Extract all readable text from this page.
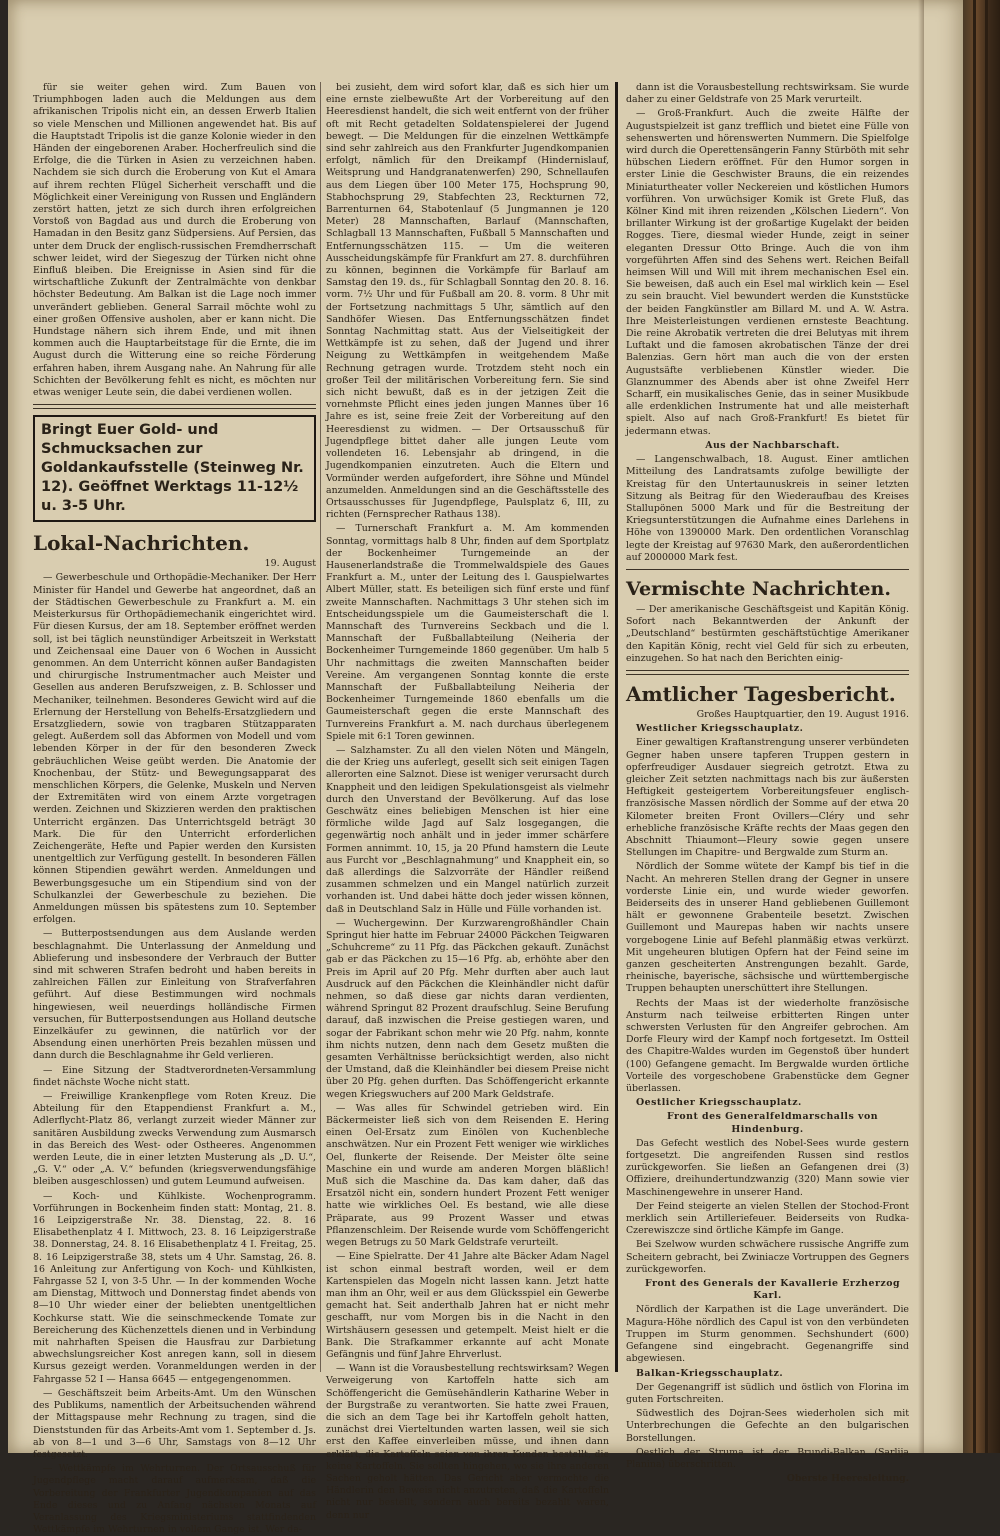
für sie weiter gehen wird. Zum Bauen von Triumphbogen laden auch die Meldungen aus dem afrikanischen Tripolis nicht ein, an dessen Erwerb Italien so viele Menschen und Millionen angewendet hat. Bis auf die Hauptstadt Tripolis ist die ganze Kolonie wieder in den Händen der eingeborenen Araber. Hocherfreulich sind die Erfolge, die die Türken in Asien zu verzeichnen haben. Nachdem sie sich durch die Eroberung von Kut el Amara auf ihrem rechten Flügel Sicherheit verschafft und die Möglichkeit einer Vereinigung von Russen und Engländern zerstört hatten, jetzt ze sich durch ihren erfolgreichen Vorstoß von Bagdad aus und durch die Eroberung von Hamadan in den Besitz ganz Südpersiens. Auf Persien, das unter dem Druck der englisch-russischen Fremdherrschaft schwer leidet, wird der Siegeszug der Türken nicht ohne Einfluß bleiben. Die Ereignisse in Asien sind für die wirtschaftliche Zukunft der Zentralmächte von denkbar höchster Bedeutung. Am Balkan ist die Lage noch immer unverändert geblieben. General Sarrail möchte wohl zu einer großen Offensive ausholen, aber er kann nicht. Die Hundstage nähern sich ihrem Ende, und mit ihnen kommen auch die Hauptarbeitstage für die Ernte, die im August durch die Witterung eine so reiche Förderung erfahren haben, ihrem Ausgang nahe. An Nahrung für alle Schichten der Bevölkerung fehlt es nicht, es möchten nur etwas weniger Leute sein, die dabei verdienen wollen.

Bringt Euer Gold- und Schmucksachen zur Goldankaufsstelle (Steinweg Nr. 12). Geöffnet Werktags 11-12½ u. 3-5 Uhr.
Lokal-Nachrichten.

19. August

— Gewerbeschule und Orthopädie-Mechaniker. Der Herr Minister für Handel und Gewerbe hat angeordnet, daß an der Städtischen Gewerbeschule zu Frankfurt a. M. ein Meisterkursus für Orthopädiemechanik eingerichtet wird. Für diesen Kursus, der am 18. September eröffnet werden soll, ist bei täglich neunstündiger Arbeitszeit in Werkstatt und Zeichensaal eine Dauer von 6 Wochen in Aussicht genommen. An dem Unterricht können außer Bandagisten und chirurgische Instrumentmacher auch Meister und Gesellen aus anderen Berufszweigen, z. B. Schlosser und Mechaniker, teilnehmen. Besonderes Gewicht wird auf die Erlernung der Herstellung von Behelfs-Ersatzgliedern und Ersatzgliedern, sowie von tragbaren Stützapparaten gelegt. Außerdem soll das Abformen von Modell und vom lebenden Körper in der für den besonderen Zweck gebräuchlichen Weise geübt werden. Die Anatomie der Knochenbau, der Stütz- und Bewegungsapparat des menschlichen Körpers, die Gelenke, Muskeln und Nerven der Extremitäten wird von einem Arzte vorgetragen werden. Zeichnen und Skizzieren werden den praktischen Unterricht ergänzen. Das Unterrichtsgeld beträgt 30 Mark. Die für den Unterricht erforderlichen Zeichengeräte, Hefte und Papier werden den Kursisten unentgeltlich zur Verfügung gestellt. In besonderen Fällen können Stipendien gewährt werden. Anmeldungen und Bewerbungsgesuche um ein Stipendium sind von der Schulkanzlei der Gewerbeschule zu beziehen. Die Anmeldungen müssen bis spätestens zum 10. September erfolgen.

— Butterpostsendungen aus dem Auslande werden beschlagnahmt. Die Unterlassung der Anmeldung und Ablieferung und insbesondere der Verbrauch der Butter sind mit schweren Strafen bedroht und haben bereits in zahlreichen Fällen zur Einleitung von Strafverfahren geführt. Auf diese Bestimmungen wird nochmals hingewiesen, weil neuerdings holländische Firmen versuchen, für Butterpostsendungen aus Holland deutsche Einzelkäufer zu gewinnen, die natürlich vor der Absendung einen unerhörten Preis bezahlen müssen und dann durch die Beschlagnahme ihr Geld verlieren.

— Eine Sitzung der Stadtverordneten-Versammlung findet nächste Woche nicht statt.

— Freiwillige Krankenpflege vom Roten Kreuz. Die Abteilung für den Etappendienst Frankfurt a. M., Adlerflycht-Platz 86, verlangt zurzeit wieder Männer zur sanitären Ausbildung zwecks Verwendung zum Ausmarsch in das Bereich des West- oder Ostheeres. Angenommen werden Leute, die in einer letzten Musterung als „D. U.“, „G. V.“ oder „A. V.“ befunden (kriegsverwendungsfähige bleiben ausgeschlossen) und gutem Leumund aufweisen.

— Koch- und Kühlkiste. Wochenprogramm. Vorführungen in Bockenheim finden statt: Montag, 21. 8. 16 Leipzigerstraße Nr. 38. Dienstag, 22. 8. 16 Elisabethenplatz 4 I. Mittwoch, 23. 8. 16 Leipzigerstraße 38. Donnerstag, 24. 8. 16 Elisabethenplatz 4 I. Freitag, 25. 8. 16 Leipzigerstraße 38, stets um 4 Uhr. Samstag, 26. 8. 16 Anleitung zur Anfertigung von Koch- und Kühlkisten, Fahrgasse 52 I, von 3-5 Uhr. — In der kommenden Woche am Dienstag, Mittwoch und Donnerstag findet abends von 8—10 Uhr wieder einer der beliebten unentgeltlichen Kochkurse statt. Wie die seinschmeckende Tomate zur Bereicherung des Küchenzettels dienen und in Verbindung mit nahrhaften Speisen die Hausfrau zur Darbietung abwechslungsreicher Kost anregen kann, soll in diesem Kursus gezeigt werden. Voranmeldungen werden in der Fahrgasse 52 I — Hansa 6645 — entgegengenommen.

— Geschäftszeit beim Arbeits-Amt. Um den Wünschen des Publikums, namentlich der Arbeitsuchenden während der Mittagspause mehr Rechnung zu tragen, sind die Dienststunden für das Arbeits-Amt vom 1. September d. Js. ab von 8—1 und 3—6 Uhr, Samstags von 8—12 Uhr festgesetzt.

— Wettkämpfe im Wehrturnen. Der Ortsausschuß für Jugendpflege macht darauf aufmerksam, daß die Vorbereitung der Frankfurter Jugendkompanien auf das Ende dieses und zu Anfang nächsten Monats auf Veranlassung des Kriegsministeriums stattfindenden Wettkämpfe im Wehrturnen in vollem Gange ist. Wer da-

bei zusieht, dem wird sofort klar, daß es sich hier um eine ernste zielbewußte Art der Vorbereitung auf den Heeresdienst handelt, die sich weit entfernt von der früher oft mit Recht getadelten Soldatenspielerei der Jugend bewegt. — Die Meldungen für die einzelnen Wettkämpfe sind sehr zahlreich aus den Frankfurter Jugendkompanien erfolgt, nämlich für den Dreikampf (Hindernislauf, Weitsprung und Handgranatenwerfen) 290, Schnellaufen aus dem Liegen über 100 Meter 175, Hochsprung 90, Stabhochsprung 29, Stabfechten 23, Reckturnen 72, Barrenturnen 64, Stabotenlauf (5 Jungmannen je 120 Meter) 28 Mannschaften, Barlauf (Mannschaften, Schlagball 13 Mannschaften, Fußball 5 Mannschaften und Entfernungsschätzen 115. — Um die weiteren Ausscheidungskämpfe für Frankfurt am 27. 8. durchführen zu können, beginnen die Vorkämpfe für Barlauf am Samstag den 19. ds., für Schlagball Sonntag den 20. 8. 16. vorm. 7½ Uhr und für Fußball am 20. 8. vorm. 8 Uhr mit der Fortsetzung nachmittags 5 Uhr, sämtlich auf den Sandhöfer Wiesen. Das Entfernungsschätzen findet Sonntag Nachmittag statt. Aus der Vielseitigkeit der Wettkämpfe ist zu sehen, daß der Jugend und ihrer Neigung zu Wettkämpfen in weitgehendem Maße Rechnung getragen wurde. Trotzdem steht noch ein großer Teil der militärischen Vorbereitung fern. Sie sind sich nicht bewußt, daß es in der jetzigen Zeit die vornehmste Pflicht eines jeden jungen Mannes über 16 Jahre es ist, seine freie Zeit der Vorbereitung auf den Heeresdienst zu widmen. — Der Ortsausschuß für Jugendpflege bittet daher alle jungen Leute vom vollendeten 16. Lebensjahr ab dringend, in die Jugendkompanien einzutreten. Auch die Eltern und Vormünder werden aufgefordert, ihre Söhne und Mündel anzumelden. Anmeldungen sind an die Geschäftsstelle des Ortsausschusses für Jugendpflege, Paulsplatz 6, III, zu richten (Fernsprecher Rathaus 138).

— Turnerschaft Frankfurt a. M. Am kommenden Sonntag, vormittags halb 8 Uhr, finden auf dem Sportplatz der Bockenheimer Turngemeinde an der Hausenerlandstraße die Trommelwaldspiele des Gaues Frankfurt a. M., unter der Leitung des l. Gauspielwartes Albert Müller, statt. Es beteiligen sich fünf erste und fünf zweite Mannschaften. Nachmittags 3 Uhr stehen sich im Entscheidungsspiele um die Gaumeisterschaft die l. Mannschaft des Turnvereins Seckbach und die l. Mannschaft der Fußballabteilung (Neiheria der Bockenheimer Turngemeinde 1860 gegenüber. Um halb 5 Uhr nachmittags die zweiten Mannschaften beider Vereine. Am vergangenen Sonntag konnte die erste Mannschaft der Fußballabteilung Neiheria der Bockenheimer Turngemeinde 1860 ebenfalls um die Gaumeisterschaft gegen die erste Mannschaft des Turnvereins Frankfurt a. M. nach durchaus überlegenem Spiele mit 6:1 Toren gewinnen.

— Salzhamster. Zu all den vielen Nöten und Mängeln, die der Krieg uns auferlegt, gesellt sich seit einigen Tagen allerorten eine Salznot. Diese ist weniger verursacht durch Knappheit und den leidigen Spekulationsgeist als vielmehr durch den Unverstand der Bevölkerung. Auf das lose Geschwätz eines beliebigen Menschen ist hier eine förmliche wilde Jagd auf Salz losgegangen, die gegenwärtig noch anhält und in jeder immer schärfere Formen annimmt. 10, 15, ja 20 Pfund hamstern die Leute aus Furcht vor „Beschlagnahmung“ und Knappheit ein, so daß allerdings die Salzvorräte der Händler reißend zusammen schmelzen und ein Mangel natürlich zurzeit vorhanden ist. Und dabei hätte doch jeder wissen können, daß in Deutschland Salz in Hülle und Fülle vorhanden ist.

— Wuchergewinn. Der Kurzwarengroßhändler Chain Springut hier hatte im Februar 24000 Päckchen Teigwaren „Schuhcreme“ zu 11 Pfg. das Päckchen gekauft. Zunächst gab er das Päckchen zu 15—16 Pfg. ab, erhöhte aber den Preis im April auf 20 Pfg. Mehr durften aber auch laut Ausdruck auf den Päckchen die Kleinhändler nicht dafür nehmen, so daß diese gar nichts daran verdienten, während Springut 82 Prozent draufschlug. Seine Berufung darauf, daß inzwischen die Preise gestiegen waren, und sogar der Fabrikant schon mehr wie 20 Pfg. nahm, konnte ihm nichts nutzen, denn nach dem Gesetz mußten die gesamten Verhältnisse berücksichtigt werden, also nicht der Umstand, daß die Kleinhändler bei diesem Preise nicht über 20 Pfg. gehen durften. Das Schöffengericht erkannte wegen Kriegswuchers auf 200 Mark Geldstrafe.

— Was alles für Schwindel getrieben wird. Ein Bäckermeister ließ sich von dem Reisenden E. Hering einen Oel-Ersatz zum Einölen von Kuchenbleche anschwätzen. Nur ein Prozent Fett weniger wie wirkliches Oel, flunkerte der Reisende. Der Meister ölte seine Maschine ein und wurde am anderen Morgen bläßlich! Muß sich die Maschine da. Das kam daher, daß das Ersatzöl nicht ein, sondern hundert Prozent Fett weniger hatte wie wirkliches Oel. Es bestand, wie alle diese Präparate, aus 99 Prozent Wasser und etwas Pflanzenschleim. Der Reisende wurde vom Schöffengericht wegen Betrugs zu 50 Mark Geldstrafe verurteilt.

— Eine Spielratte. Der 41 Jahre alte Bäcker Adam Nagel ist schon einmal bestraft worden, weil er dem Kartenspielen das Mogeln nicht lassen kann. Jetzt hatte man ihm an Ohr, weil er aus dem Glücksspiel ein Gewerbe gemacht hat. Seit anderthalb Jahren hat er nicht mehr geschafft, nur vom Morgen bis in die Nacht in den Wirtshäusern gesessen und getempelt. Meist hielt er die Bank. Die Strafkammer erkannte auf acht Monate Gefängnis und fünf Jahre Ehrverlust.

— Wann ist die Vorausbestellung rechtswirksam? Wegen Verweigerung von Kartoffeln hatte sich am Schöffengericht die Gemüsehändlerin Katharine Weber in der Burgstraße zu verantworten. Sie hatte zwei Frauen, die sich an dem Tage bei ihr Kartoffeln geholt hatten, zunächst drei Vierteltunden warten lassen, weil sie sich erst den Kaffee einverleiben müsse, und ihnen dann erklärt, die Kartoffeln seien von ihren Kunden bestellt, die keine Kartoffeln. Sie sollten hingehen, wo sie ihre anderen Sachen geholt hätten. Das Gericht aber vermochte die Händlerin den Beweis nicht anzutreten, daß die Kartoffeln nicht nur bestellt, sondern auch bereits bezahlt waren, denn nur

dann ist die Vorausbestellung rechtswirksam. Sie wurde daher zu einer Geldstrafe von 25 Mark verurteilt.

— Groß-Frankfurt. Auch die zweite Hälfte der Augustspielzeit ist ganz trefflich und bietet eine Fülle von sehenswerten und hörenswerten Nummern. Die Spielfolge wird durch die Operettensängerin Fanny Stürböth mit sehr hübschen Liedern eröffnet. Für den Humor sorgen in erster Linie die Geschwister Brauns, die ein reizendes Miniaturtheater voller Neckereien und köstlichen Humors vorführen. Von urwüchsiger Komik ist Grete Fluß, das Kölner Kind mit ihren reizenden „Kölschen Liedern“. Von brillanter Wirkung ist der großartige Kugelakt der beiden Rogges. Tiere, diesmal wieder Hunde, zeigt in seiner eleganten Dressur Otto Bringe. Auch die von ihm vorgeführten Affen sind des Sehens wert. Reichen Beifall heimsen Will und Will mit ihrem mechanischen Esel ein. Sie beweisen, daß auch ein Esel mal wirklich kein — Esel zu sein braucht. Viel bewundert werden die Kunststücke der beiden Fangkünstler am Billard M. und A. W. Astra. Ihre Meisterleistungen verdienen ernsteste Beachtung. Die reine Akrobatik vertreten die drei Belutyas mit ihrem Luftakt und die famosen akrobatischen Tänze der drei Balenzias. Gern hört man auch die von der ersten Augustsäfte verbliebenen Künstler wieder. Die Glanznummer des Abends aber ist ohne Zweifel Herr Scharff, ein musikalisches Genie, das in seiner Musikbude alle erdenklichen Instrumente hat und alle meisterhaft spielt. Also auf nach Groß-Frankfurt! Es bietet für jedermann etwas.

Aus der Nachbarschaft.

— Langenschwalbach, 18. August. Einer amtlichen Mitteilung des Landratsamts zufolge bewilligte der Kreistag für den Untertaunuskreis in seiner letzten Sitzung als Beitrag für den Wiederaufbau des Kreises Stallupönen 5000 Mark und für die Bestreitung der Kriegsunterstützungen die Aufnahme eines Darlehens in Höhe von 1390000 Mark. Den ordentlichen Voranschlag legte der Kreistag auf 97630 Mark, den außerordentlichen auf 2000000 Mark fest.

Vermischte Nachrichten.

— Der amerikanische Geschäftsgeist und Kapitän König. Sofort nach Bekanntwerden der Ankunft der „Deutschland“ bestürmten geschäftstüchtige Amerikaner den Kapitän König, recht viel Geld für sich zu erbeuten, einzugehen. So hat nach den Berichten einig-

Amtlicher Tagesbericht.

Großes Hauptquartier, den 19. August 1916.

Westlicher Kriegsschauplatz.

Einer gewaltigen Kraftanstrengung unserer verbündeten Gegner haben unsere tapferen Truppen gestern in opferfreudiger Ausdauer siegreich getrotzt. Etwa zu gleicher Zeit setzten nachmittags nach bis zur äußersten Heftigkeit gesteigertem Vorbereitungsfeuer englisch-französische Massen nördlich der Somme auf der etwa 20 Kilometer breiten Front Ovillers—Cléry und sehr erhebliche französische Kräfte rechts der Maas gegen den Abschnitt Thiaumont—Fleury sowie gegen unsere Stellungen im Chapitre- und Bergwalde zum Sturm an.

Nördlich der Somme wütete der Kampf bis tief in die Nacht. An mehreren Stellen drang der Gegner in unsere vorderste Linie ein, und wurde wieder geworfen. Beiderseits des in unserer Hand gebliebenen Guillemont hält er gewonnene Grabenteile besetzt. Zwischen Guillemont und Maurepas haben wir nachts unsere vorgebogene Linie auf Befehl planmäßig etwas verkürzt. Mit ungeheuren blutigen Opfern hat der Feind seine im ganzen gescheiterten Anstrengungen bezahlt. Garde, rheinische, bayerische, sächsische und württembergische Truppen behaupten unerschüttert ihre Stellungen.

Rechts der Maas ist der wiederholte französische Ansturm nach teilweise erbitterten Ringen unter schwersten Verlusten für den Angreifer gebrochen. Am Dorfe Fleury wird der Kampf noch fortgesetzt. Im Ostteil des Chapitre-Waldes wurden im Gegenstoß über hundert (100) Gefangene gemacht. Im Bergwalde wurden örtliche Vorteile des vorgeschobene Grabenstücke dem Gegner überlassen.

Oestlicher Kriegsschauplatz.

Front des Generalfeldmarschalls von Hindenburg.

Das Gefecht westlich des Nobel-Sees wurde gestern fortgesetzt. Die angreifenden Russen sind restlos zurückgeworfen. Sie ließen an Gefangenen drei (3) Offiziere, dreihundertundzwanzig (320) Mann sowie vier Maschinengewehre in unserer Hand.

Der Feind steigerte an vielen Stellen der Stochod-Front merklich sein Artilleriefeuer. Beiderseits von Rudka-Czerewiszcze sind örtliche Kämpfe im Gange.

Bei Szelwow wurden schwächere russische Angriffe zum Scheitern gebracht, bei Zwiniacze Vortruppen des Gegners zurückgeworfen.

Front des Generals der Kavallerie Erzherzog Karl.

Nördlich der Karpathen ist die Lage unverändert. Die Magura-Höhe nördlich des Capul ist von den verbündeten Truppen im Sturm genommen. Sechshundert (600) Gefangene sind eingebracht. Gegenangriffe sind abgewiesen.

Balkan-Kriegsschauplatz.

Der Gegenangriff ist südlich und östlich von Florina im guten Fortschreiten.

Südwestlich des Dojran-Sees wiederholen sich mit Unterbrechungen die Gefechte an den bulgarischen Borstellungen.

Oestlich der Struma ist der Brundi-Balkan (Sarlija Planina) überschritten.

Oberste Heeresleitung.
